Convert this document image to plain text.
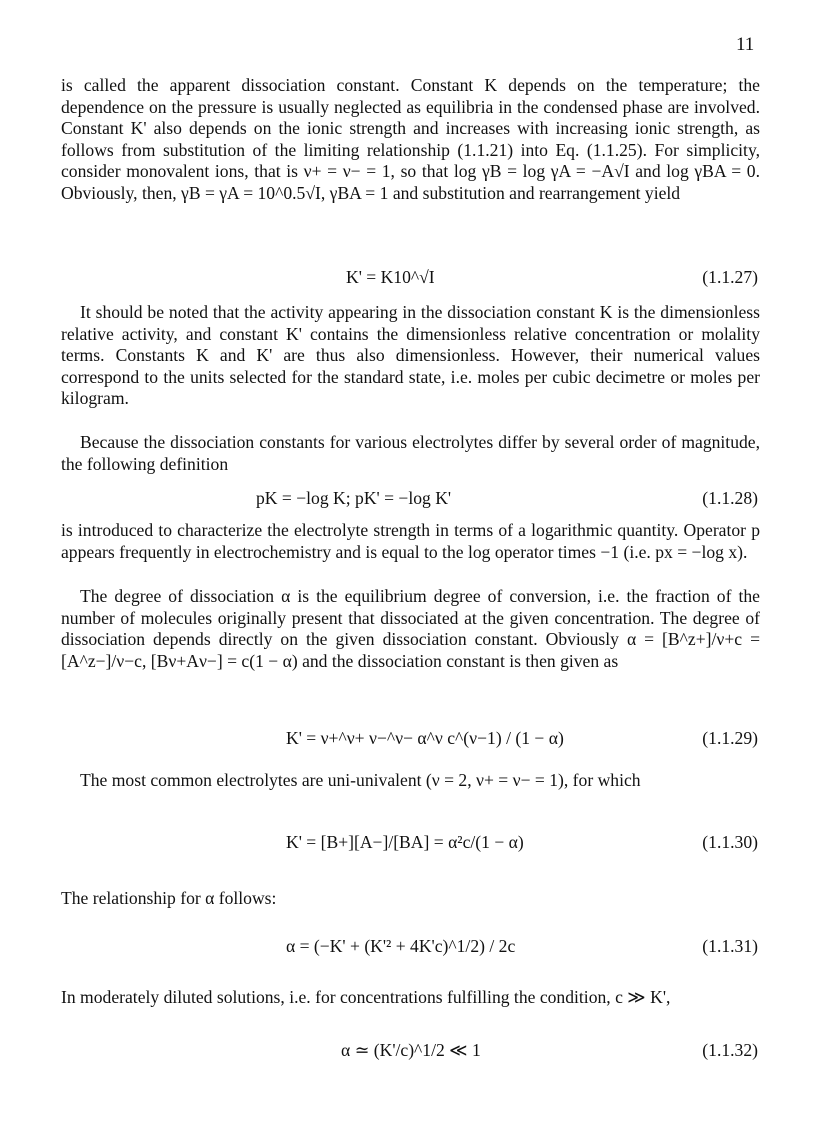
11

is called the apparent dissociation constant. Constant K depends on the temperature; the dependence on the pressure is usually neglected as equilibria in the condensed phase are involved. Constant K' also depends on the ionic strength and increases with increasing ionic strength, as follows from substitution of the limiting relationship (1.1.21) into Eq. (1.1.25). For simplicity, consider monovalent ions, that is ν+ = ν− = 1, so that log γB = log γA = −A√I and log γBA = 0. Obviously, then, γB = γA = 10^0.5√I, γBA = 1 and substitution and rearrangement yield

K' = K10^√I	(1.1.27)

It should be noted that the activity appearing in the dissociation constant K is the dimensionless relative activity, and constant K' contains the dimensionless relative concentration or molality terms. Constants K and K' are thus also dimensionless. However, their numerical values correspond to the units selected for the standard state, i.e. moles per cubic decimetre or moles per kilogram.

Because the dissociation constants for various electrolytes differ by several order of magnitude, the following definition

pK = −log K; pK' = −log K'	(1.1.28)

is introduced to characterize the electrolyte strength in terms of a logarithmic quantity. Operator p appears frequently in electrochemistry and is equal to the log operator times −1 (i.e. px = −log x).

The degree of dissociation α is the equilibrium degree of conversion, i.e. the fraction of the number of molecules originally present that dissociated at the given concentration. The degree of dissociation depends directly on the given dissociation constant. Obviously α = [B^z+]/ν+c = [A^z−]/ν−c, [Bν+Aν−] = c(1 − α) and the dissociation constant is then given as

K' = ν+^ν+ ν−^ν− α^ν c^(ν−1) / (1 − α)	(1.1.29)

The most common electrolytes are uni-univalent (ν = 2, ν+ = ν− = 1), for which

K' = [B+][A−]/[BA] = α²c/(1 − α)	(1.1.30)

The relationship for α follows:

α = (−K' + (K'² + 4K'c)^1/2) / 2c	(1.1.31)

In moderately diluted solutions, i.e. for concentrations fulfilling the condition, c ≫ K',

α ≃ (K'/c)^1/2 ≪ 1	(1.1.32)
